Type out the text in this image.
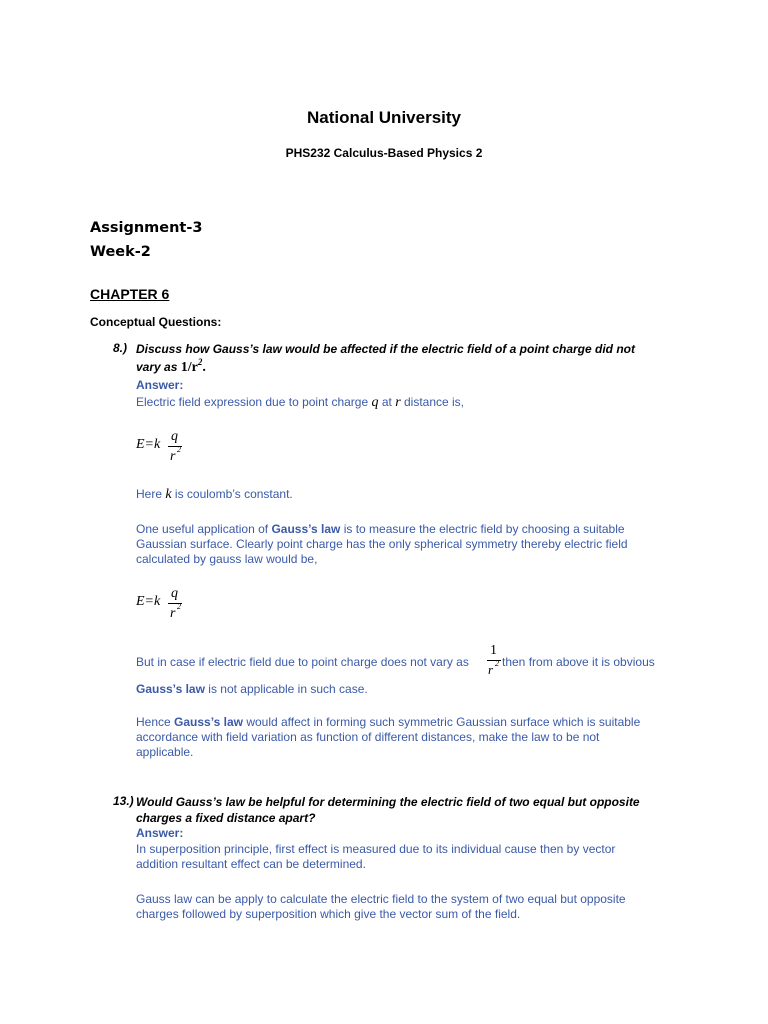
National University
PHS232 Calculus-Based Physics 2
Assignment-3
Week-2
CHAPTER 6
Conceptual Questions:
8.) Discuss how Gauss’s law would be affected if the electric field of a point charge did not
vary as $1/r^2$.
Answer:
Electric field expression due to point charge q at r distance is,
E=k
q
r 2
Here k is coulomb’s constant.
One useful application of Gauss’s law is to measure the electric field by choosing a suitable
Gaussian surface. Clearly point charge has the only spherical symmetry thereby electric field
calculated by gauss law would be,
E=k
q
r 2
But in case if electric field due to point charge does not vary as
1
r 2 then from above it is obvious
Gauss’s law is not applicable in such case.
Hence Gauss’s law would affect in forming such symmetric Gaussian surface which is suitable
accordance with field variation as function of different distances, make the law to be not
applicable.
13.) Would Gauss’s law be helpful for determining the electric field of two equal but opposite
charges a fixed distance apart?
Answer:
In superposition principle, first effect is measured due to its individual cause then by vector
addition resultant effect can be determined.
Gauss law can be apply to calculate the electric field to the system of two equal but opposite
charges followed by superposition which give the vector sum of the field.
